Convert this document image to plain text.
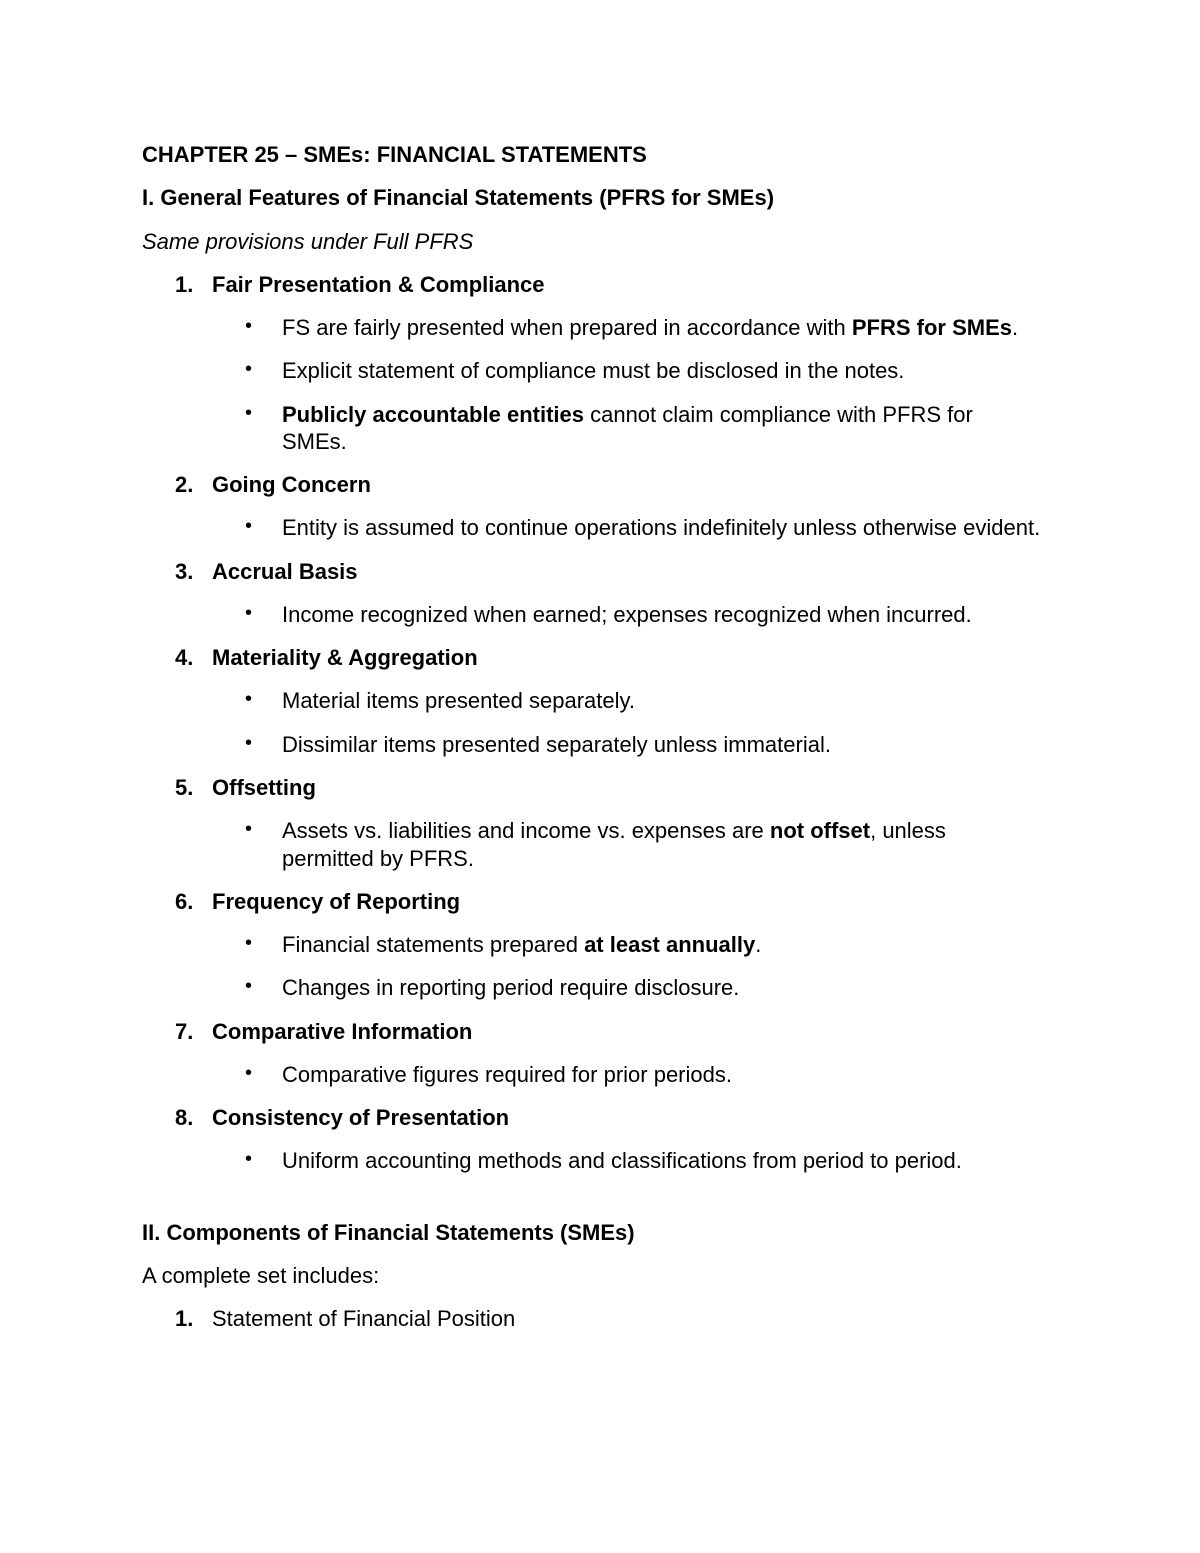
CHAPTER 25 – SMEs: FINANCIAL STATEMENTS
I. General Features of Financial Statements (PFRS for SMEs)
Same provisions under Full PFRS
1. Fair Presentation & Compliance
• FS are fairly presented when prepared in accordance with PFRS for SMEs.
• Explicit statement of compliance must be disclosed in the notes.
• Publicly accountable entities cannot claim compliance with PFRS for SMEs.
2. Going Concern
• Entity is assumed to continue operations indefinitely unless otherwise evident.
3. Accrual Basis
• Income recognized when earned; expenses recognized when incurred.
4. Materiality & Aggregation
• Material items presented separately.
• Dissimilar items presented separately unless immaterial.
5. Offsetting
• Assets vs. liabilities and income vs. expenses are not offset, unless permitted by PFRS.
6. Frequency of Reporting
• Financial statements prepared at least annually.
• Changes in reporting period require disclosure.
7. Comparative Information
• Comparative figures required for prior periods.
8. Consistency of Presentation
• Uniform accounting methods and classifications from period to period.
II. Components of Financial Statements (SMEs)
A complete set includes:
1. Statement of Financial Position
